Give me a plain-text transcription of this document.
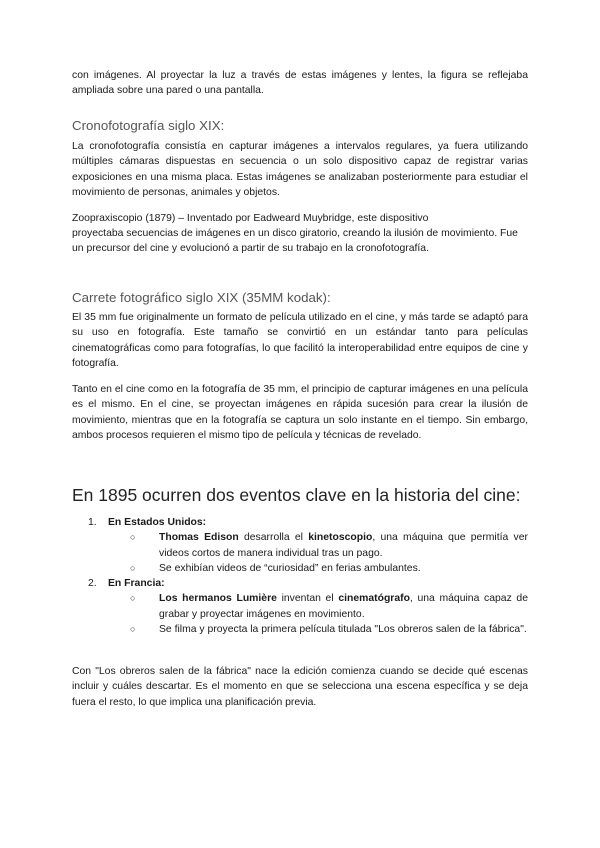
con imágenes. Al proyectar la luz a través de estas imágenes y lentes, la figura se reflejaba ampliada sobre una pared o una pantalla.

Cronofotografía siglo XIX:

La cronofotografía consistía en capturar imágenes a intervalos regulares, ya fuera utilizando múltiples cámaras dispuestas en secuencia o un solo dispositivo capaz de registrar varias exposiciones en una misma placa. Estas imágenes se analizaban posteriormente para estudiar el movimiento de personas, animales y objetos.

Zoopraxiscopio (1879) – Inventado por Eadweard Muybridge, este dispositivo

proyectaba secuencias de imágenes en un disco giratorio, creando la ilusión de movimiento. Fue un precursor del cine y evolucionó a partir de su trabajo en la cronofotografía.

Carrete fotográfico siglo XIX (35MM kodak):

El 35 mm fue originalmente un formato de película utilizado en el cine, y más tarde se adaptó para su uso en fotografía. Este tamaño se convirtió en un estándar tanto para películas cinematográficas como para fotografías, lo que facilitó la interoperabilidad entre equipos de cine y fotografía.

Tanto en el cine como en la fotografía de 35 mm, el principio de capturar imágenes en una película es el mismo. En el cine, se proyectan imágenes en rápida sucesión para crear la ilusión de movimiento, mientras que en la fotografía se captura un solo instante en el tiempo. Sin embargo, ambos procesos requieren el mismo tipo de película y técnicas de revelado.

En 1895 ocurren dos eventos clave en la historia del cine:
1. En Estados Unidos:
○ Thomas Edison desarrolla el kinetoscopio, una máquina que permitía ver videos cortos de manera individual tras un pago.
○ Se exhibían videos de “curiosidad” en ferias ambulantes.
2. En Francia:
○ Los hermanos Lumière inventan el cinematógrafo, una máquina capaz de grabar y proyectar imágenes en movimiento.
○ Se filma y proyecta la primera película titulada "Los obreros salen de la fábrica".

Con "Los obreros salen de la fábrica" nace la edición comienza cuando se decide qué escenas incluir y cuáles descartar. Es el momento en que se selecciona una escena específica y se deja fuera el resto, lo que implica una planificación previa.
